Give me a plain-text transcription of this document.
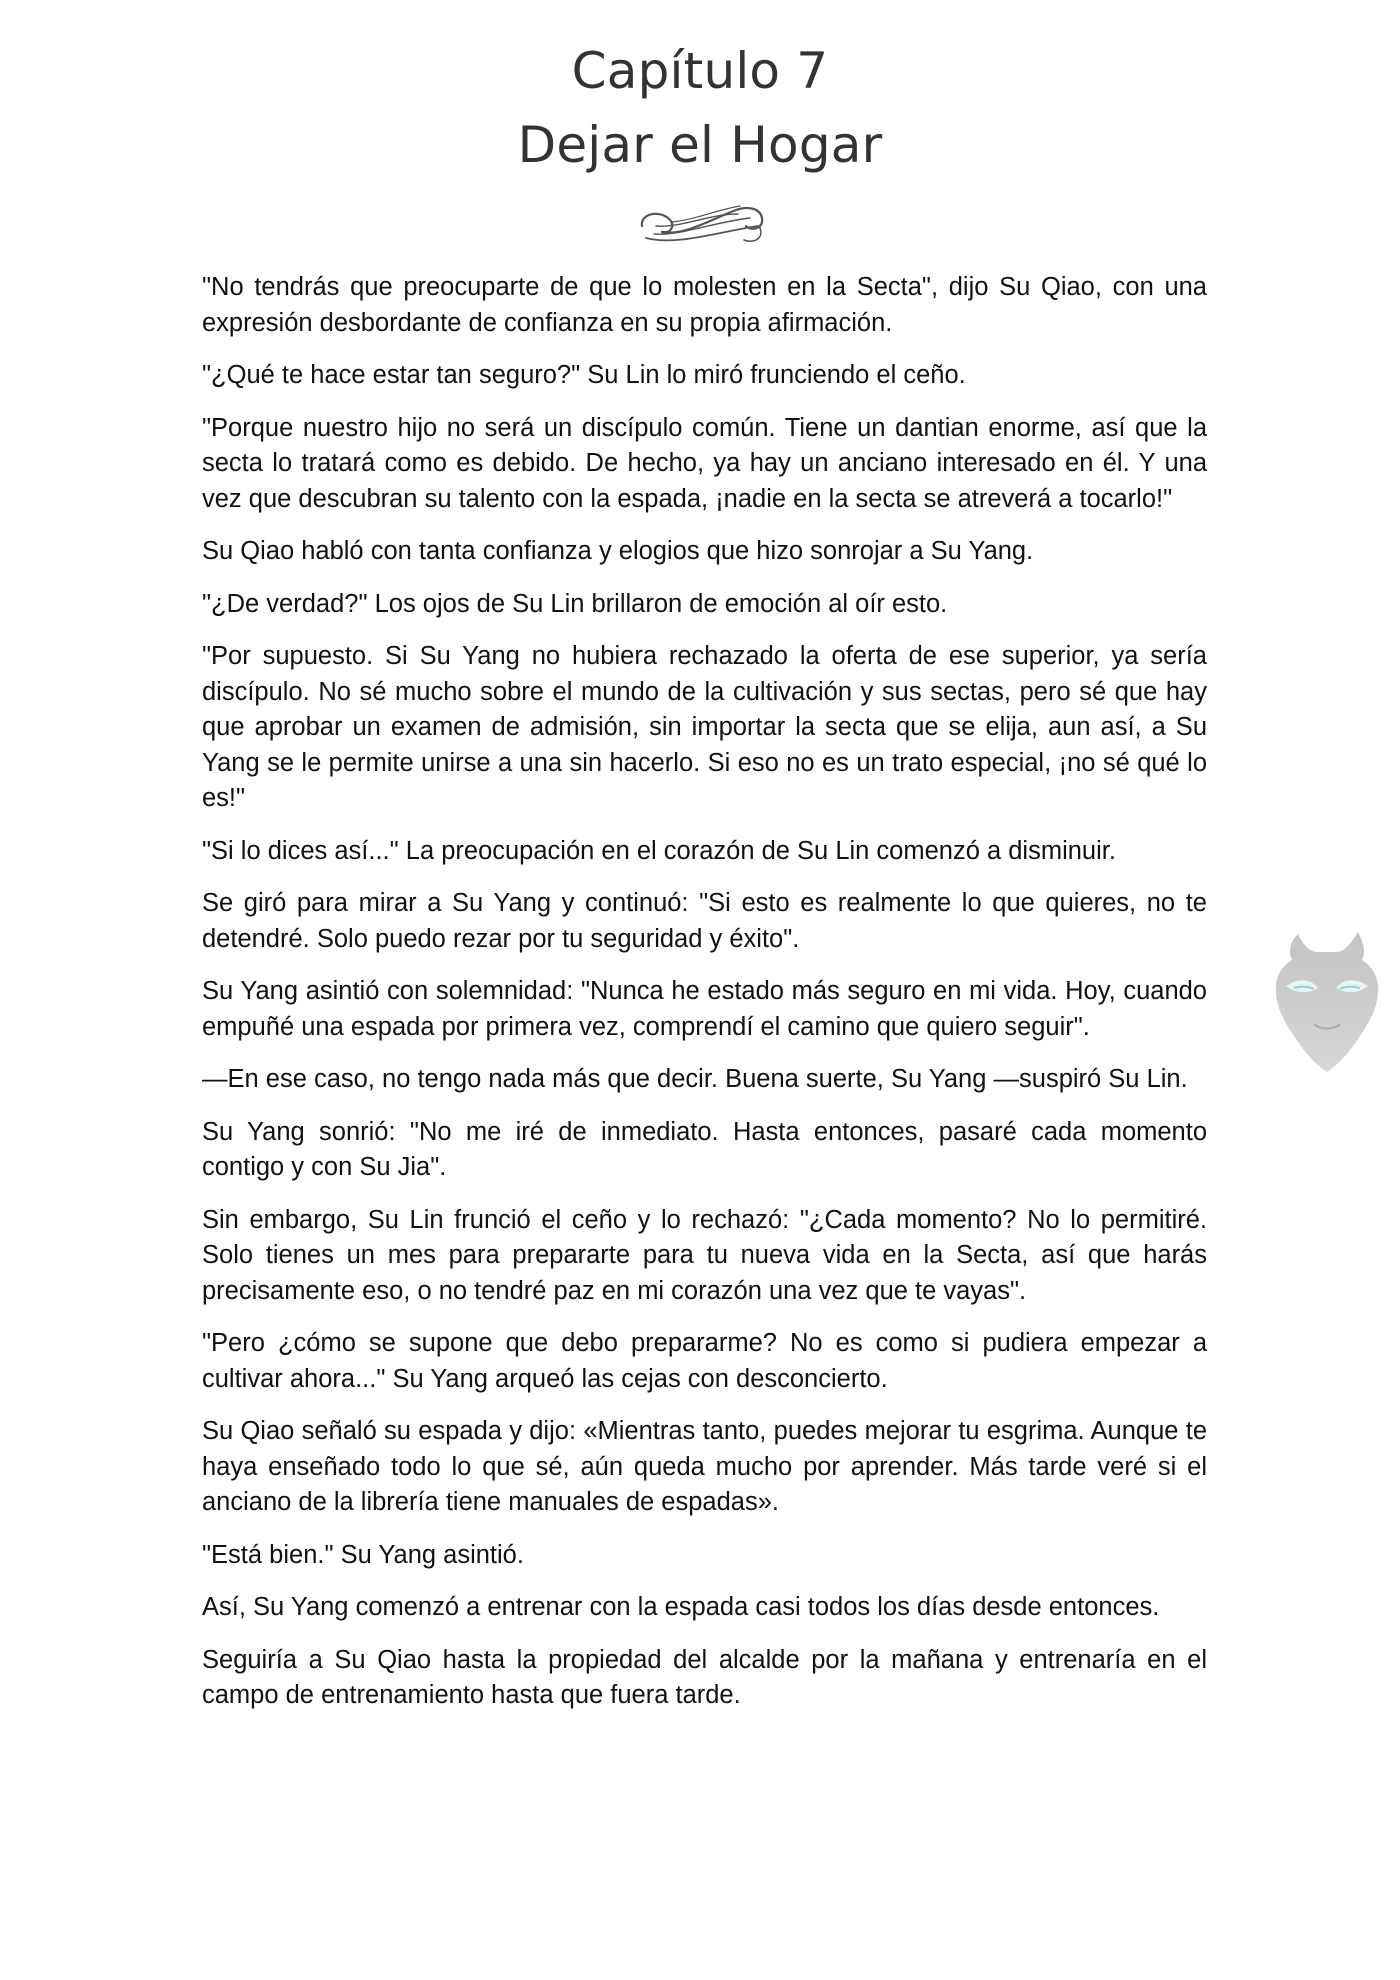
Capítulo 7
Dejar el Hogar

"No tendrás que preocuparte de que lo molesten en la Secta", dijo Su Qiao, con una expresión desbordante de confianza en su propia afirmación.

"¿Qué te hace estar tan seguro?" Su Lin lo miró frunciendo el ceño.

"Porque nuestro hijo no será un discípulo común. Tiene un dantian enorme, así que la secta lo tratará como es debido. De hecho, ya hay un anciano interesado en él. Y una vez que descubran su talento con la espada, ¡nadie en la secta se atreverá a tocarlo!"

Su Qiao habló con tanta confianza y elogios que hizo sonrojar a Su Yang.

"¿De verdad?" Los ojos de Su Lin brillaron de emoción al oír esto.

"Por supuesto. Si Su Yang no hubiera rechazado la oferta de ese superior, ya sería discípulo. No sé mucho sobre el mundo de la cultivación y sus sectas, pero sé que hay que aprobar un examen de admisión, sin importar la secta que se elija, aun así, a Su Yang se le permite unirse a una sin hacerlo. Si eso no es un trato especial, ¡no sé qué lo es!"

"Si lo dices así..." La preocupación en el corazón de Su Lin comenzó a disminuir.

Se giró para mirar a Su Yang y continuó: "Si esto es realmente lo que quieres, no te detendré. Solo puedo rezar por tu seguridad y éxito".

Su Yang asintió con solemnidad: "Nunca he estado más seguro en mi vida. Hoy, cuando empuñé una espada por primera vez, comprendí el camino que quiero seguir".

—En ese caso, no tengo nada más que decir. Buena suerte, Su Yang —suspiró Su Lin.

Su Yang sonrió: "No me iré de inmediato. Hasta entonces, pasaré cada momento contigo y con Su Jia".

Sin embargo, Su Lin frunció el ceño y lo rechazó: "¿Cada momento? No lo permitiré. Solo tienes un mes para prepararte para tu nueva vida en la Secta, así que harás precisamente eso, o no tendré paz en mi corazón una vez que te vayas".

"Pero ¿cómo se supone que debo prepararme? No es como si pudiera empezar a cultivar ahora..." Su Yang arqueó las cejas con desconcierto.

Su Qiao señaló su espada y dijo: «Mientras tanto, puedes mejorar tu esgrima. Aunque te haya enseñado todo lo que sé, aún queda mucho por aprender. Más tarde veré si el anciano de la librería tiene manuales de espadas».

"Está bien." Su Yang asintió.

Así, Su Yang comenzó a entrenar con la espada casi todos los días desde entonces.

Seguiría a Su Qiao hasta la propiedad del alcalde por la mañana y entrenaría en el campo de entrenamiento hasta que fuera tarde.
